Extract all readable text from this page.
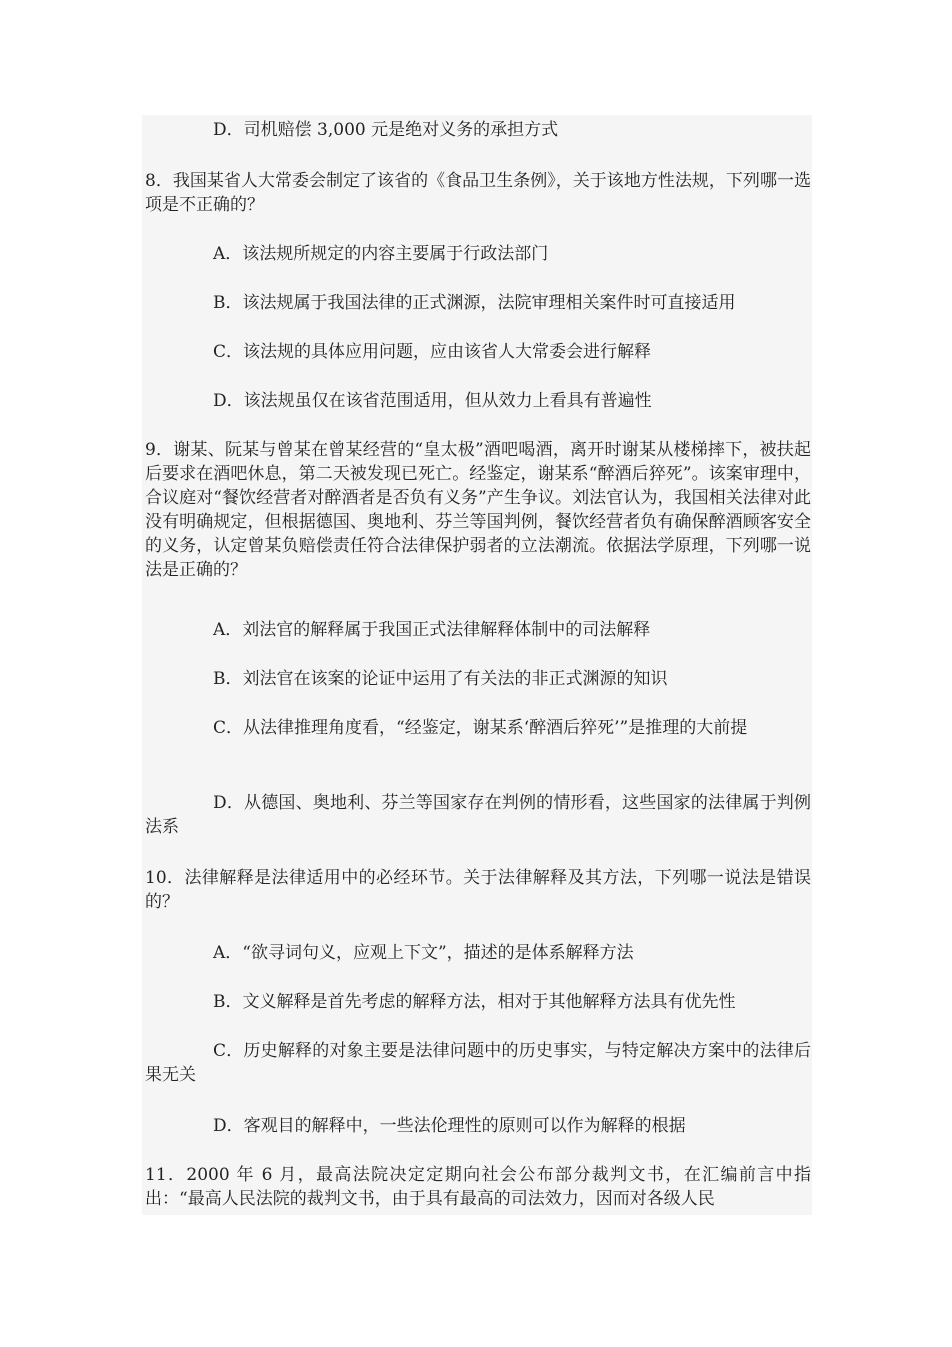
D．司机赔偿 3,000 元是绝对义务的承担方式
8．我国某省人大常委会制定了该省的《食品卫生条例》，关于该地方性法规，下列哪一选项是不正确的？
A．该法规所规定的内容主要属于行政法部门
B．该法规属于我国法律的正式渊源，法院审理相关案件时可直接适用
C．该法规的具体应用问题，应由该省人大常委会进行解释
D．该法规虽仅在该省范围适用，但从效力上看具有普遍性
9．谢某、阮某与曾某在曾某经营的“皇太极”酒吧喝酒，离开时谢某从楼梯摔下，被扶起后要求在酒吧休息，第二天被发现已死亡。经鉴定，谢某系“醉酒后猝死”。该案审理中，合议庭对“餐饮经营者对醉酒者是否负有义务”产生争议。刘法官认为，我国相关法律对此没有明确规定，但根据德国、奥地利、芬兰等国判例，餐饮经营者负有确保醉酒顾客安全的义务，认定曾某负赔偿责任符合法律保护弱者的立法潮流。依据法学原理，下列哪一说法是正确的？
A．刘法官的解释属于我国正式法律解释体制中的司法解释
B．刘法官在该案的论证中运用了有关法的非正式渊源的知识
C．从法律推理角度看，“经鉴定，谢某系‘醉酒后猝死’”是推理的大前提
D．从德国、奥地利、芬兰等国家存在判例的情形看，这些国家的法律属于判例法系
10．法律解释是法律适用中的必经环节。关于法律解释及其方法，下列哪一说法是错误的？
A．“欲寻词句义，应观上下文”，描述的是体系解释方法
B．文义解释是首先考虑的解释方法，相对于其他解释方法具有优先性
C．历史解释的对象主要是法律问题中的历史事实，与特定解决方案中的法律后果无关
D．客观目的解释中，一些法伦理性的原则可以作为解释的根据
11．2000 年 6 月，最高法院决定定期向社会公布部分裁判文书，在汇编前言中指出：“最高人民法院的裁判文书，由于具有最高的司法效力，因而对各级人民
